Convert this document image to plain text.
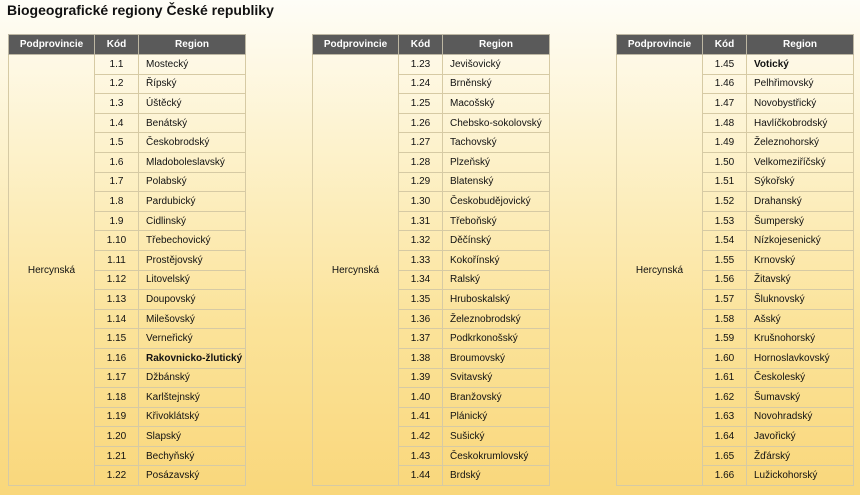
Biogeografické regiony České republiky
Podprovincie	Kód	Region
Hercynská	1.1	Mostecký
	1.2	Řípský
	1.3	Úštěcký
	1.4	Benátský
	1.5	Českobrodský
	1.6	Mladoboleslavský
	1.7	Polabský
	1.8	Pardubický
	1.9	Cidlinský
	1.10	Třebechovický
	1.11	Prostějovský
	1.12	Litovelský
	1.13	Doupovský
	1.14	Milešovský
	1.15	Verneřický
	1.16	Rakovnicko-žlutický
	1.17	Džbánský
	1.18	Karlštejnský
	1.19	Křivoklátský
	1.20	Slapský
	1.21	Bechyňský
	1.22	Posázavský
Podprovincie	Kód	Region
Hercynská	1.23	Jevišovický
	1.24	Brněnský
	1.25	Macošský
	1.26	Chebsko-sokolovský
	1.27	Tachovský
	1.28	Plzeňský
	1.29	Blatenský
	1.30	Českobudějovický
	1.31	Třeboňský
	1.32	Děčínský
	1.33	Kokořínský
	1.34	Ralský
	1.35	Hruboskalský
	1.36	Železnobrodský
	1.37	Podkrkonošský
	1.38	Broumovský
	1.39	Svitavský
	1.40	Branžovský
	1.41	Plánický
	1.42	Sušický
	1.43	Českokrumlovský
	1.44	Brdský
Podprovincie	Kód	Region
Hercynská	1.45	Votický
	1.46	Pelhřimovský
	1.47	Novobystřický
	1.48	Havlíčkobrodský
	1.49	Železnohorský
	1.50	Velkomeziříčský
	1.51	Sýkořský
	1.52	Drahanský
	1.53	Šumperský
	1.54	Nízkojesenický
	1.55	Krnovský
	1.56	Žitavský
	1.57	Šluknovský
	1.58	Ašský
	1.59	Krušnohorský
	1.60	Hornoslavkovský
	1.61	Českoleský
	1.62	Šumavský
	1.63	Novohradský
	1.64	Javořický
	1.65	Žďárský
	1.66	Lužickohorský
